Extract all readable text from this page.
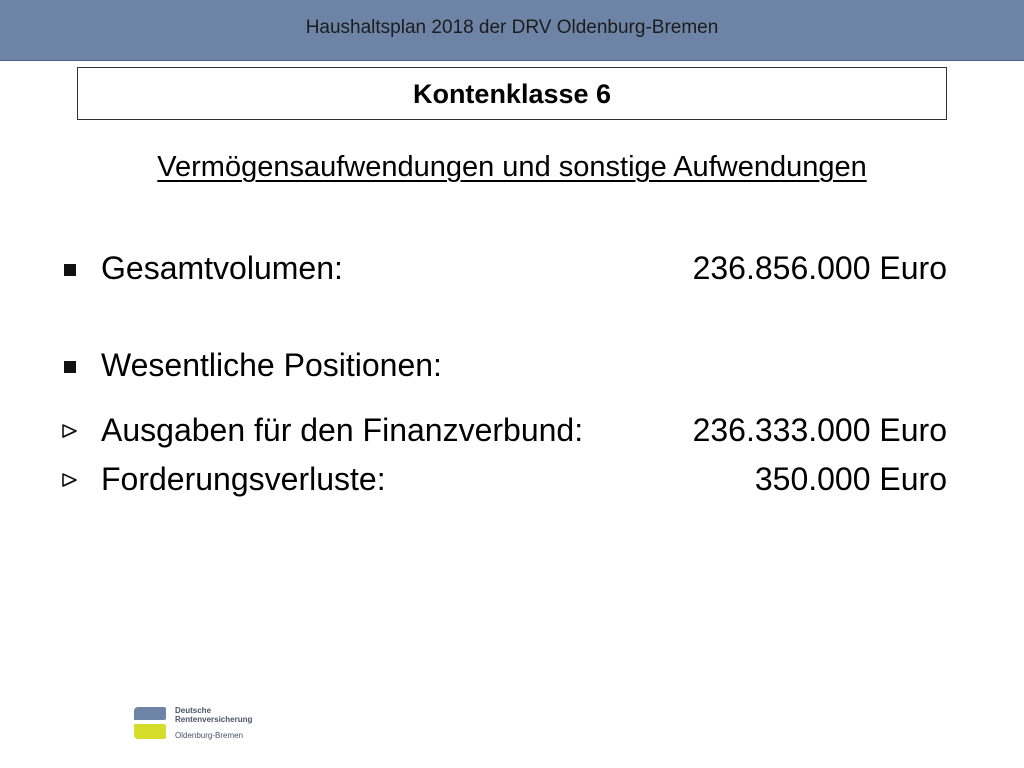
Haushaltsplan 2018 der DRV Oldenburg-Bremen
Kontenklasse 6
Vermögensaufwendungen und sonstige Aufwendungen
Gesamtvolumen:	236.856.000 Euro
Wesentliche Positionen:
Ausgaben für den Finanzverbund:	236.333.000 Euro
Forderungsverluste:	350.000 Euro
Deutsche
Rentenversicherung
Oldenburg-Bremen
